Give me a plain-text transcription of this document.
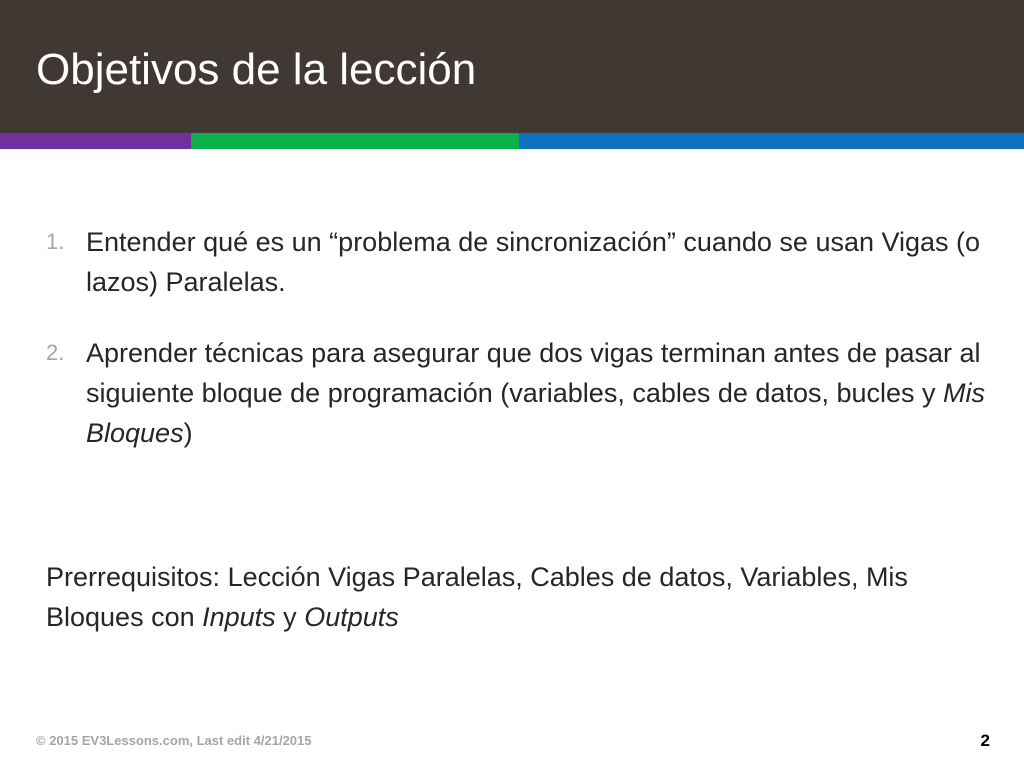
Objetivos de la lección
1. Entender qué es un “problema de sincronización” cuando se usan Vigas (o lazos) Paralelas.
2. Aprender técnicas para asegurar que dos vigas terminan antes de pasar al siguiente bloque de programación (variables, cables de datos, bucles y Mis Bloques)
Prerrequisitos: Lección Vigas Paralelas, Cables de datos, Variables, Mis Bloques con Inputs y Outputs
© 2015 EV3Lessons.com, Last edit 4/21/2015	2
